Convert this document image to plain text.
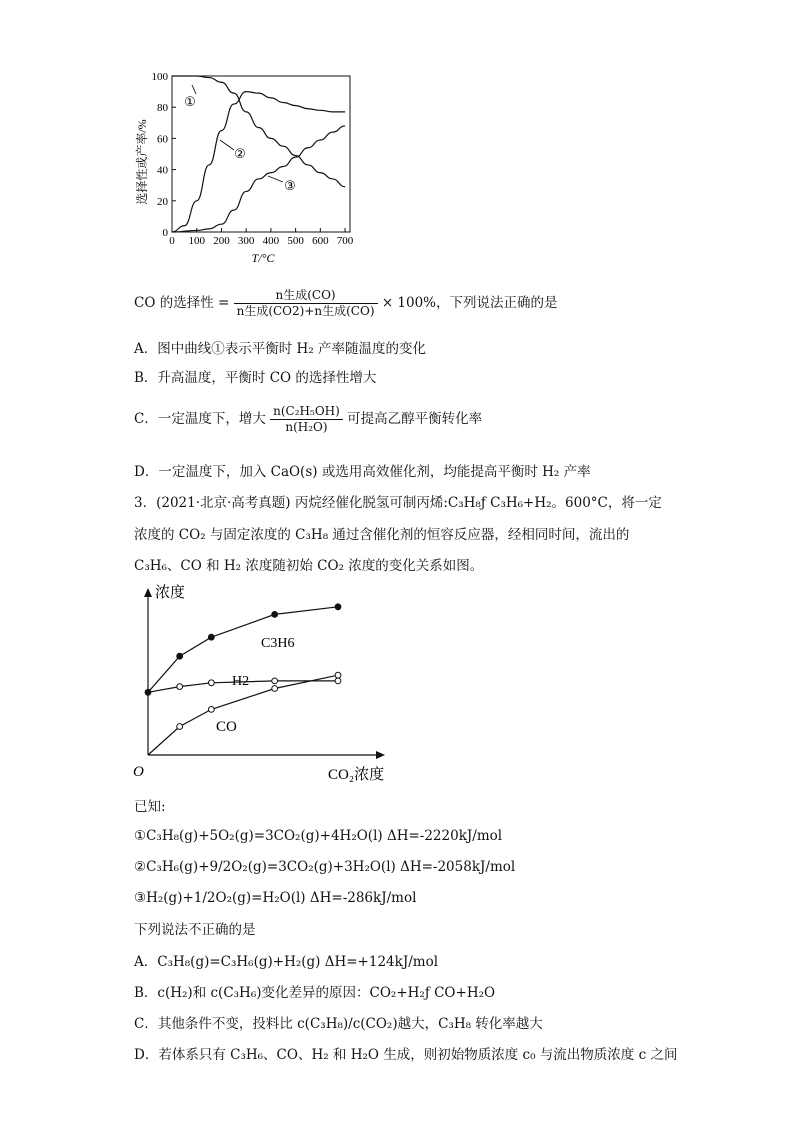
0 100 200 300 400 500 600 700
0
20
40
60
80
100
①
②
③
选择性或产率/%
T/°C
CO 的选择性 = $\frac{\text{n生成(CO)}}{\text{n生成(CO2)+n生成(CO)}} \times 100\%$，下列说法正确的是
A．图中曲线①表示平衡时 H₂ 产率随温度的变化
B．升高温度，平衡时 CO 的选择性增大
C．一定温度下，增大 $\frac{\text{n(C₂H₅OH)}}{\text{n(H₂O)}}$ 可提高乙醇平衡转化率
D．一定温度下，加入 CaO(s) 或选用高效催化剂，均能提高平衡时 H₂ 产率
3．(2021·北京·高考真题) 丙烷经催化脱氢可制丙烯:C₃H₈ƒ C₃H₆+H₂。600°C，将一定
浓度的 CO₂ 与固定浓度的 C₃H₈ 通过含催化剂的恒容反应器，经相同时间，流出的
C₃H₆、CO 和 H₂ 浓度随初始 CO₂ 浓度的变化关系如图。
浓度
O	CO₂浓度
C3H6
H2
CO
已知:
①C₃H₈(g)+5O₂(g)=3CO₂(g)+4H₂O(l) ΔH=-2220kJ/mol
②C₃H₆(g)+9/2O₂(g)=3CO₂(g)+3H₂O(l) ΔH=-2058kJ/mol
③H₂(g)+1/2O₂(g)=H₂O(l) ΔH=-286kJ/mol
下列说法不正确的是
A．C₃H₈(g)=C₃H₆(g)+H₂(g) ΔH=+124kJ/mol
B．c(H₂)和 c(C₃H₆)变化差异的原因：CO₂+H₂ƒ CO+H₂O
C．其他条件不变，投料比 c(C₃H₈)/c(CO₂)越大，C₃H₈ 转化率越大
D．若体系只有 C₃H₆、CO、H₂ 和 H₂O 生成，则初始物质浓度 c₀ 与流出物质浓度 c 之间
